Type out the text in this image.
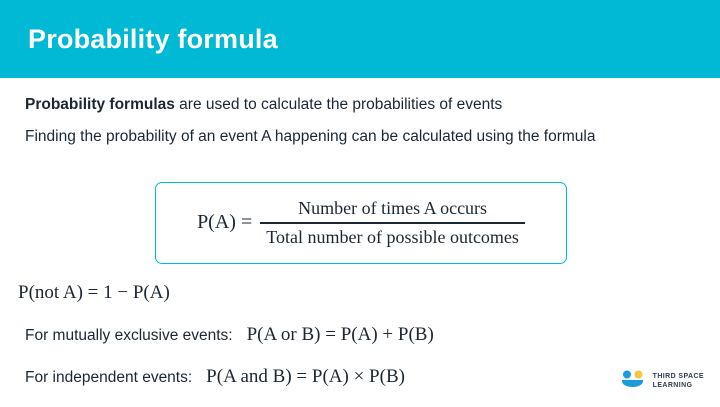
Probability formula
Probability formulas are used to calculate the probabilities of events
Finding the probability of an event A happening can be calculated using the formula
$P(A) = \frac{\text{Number of times A occurs}}{\text{Total number of possible outcomes}}$
P(not A) = 1 − P(A)
For mutually exclusive events: P(A or B) = P(A) + P(B)
For independent events: P(A and B) = P(A) × P(B)	THIRD SPACE
LEARNING
